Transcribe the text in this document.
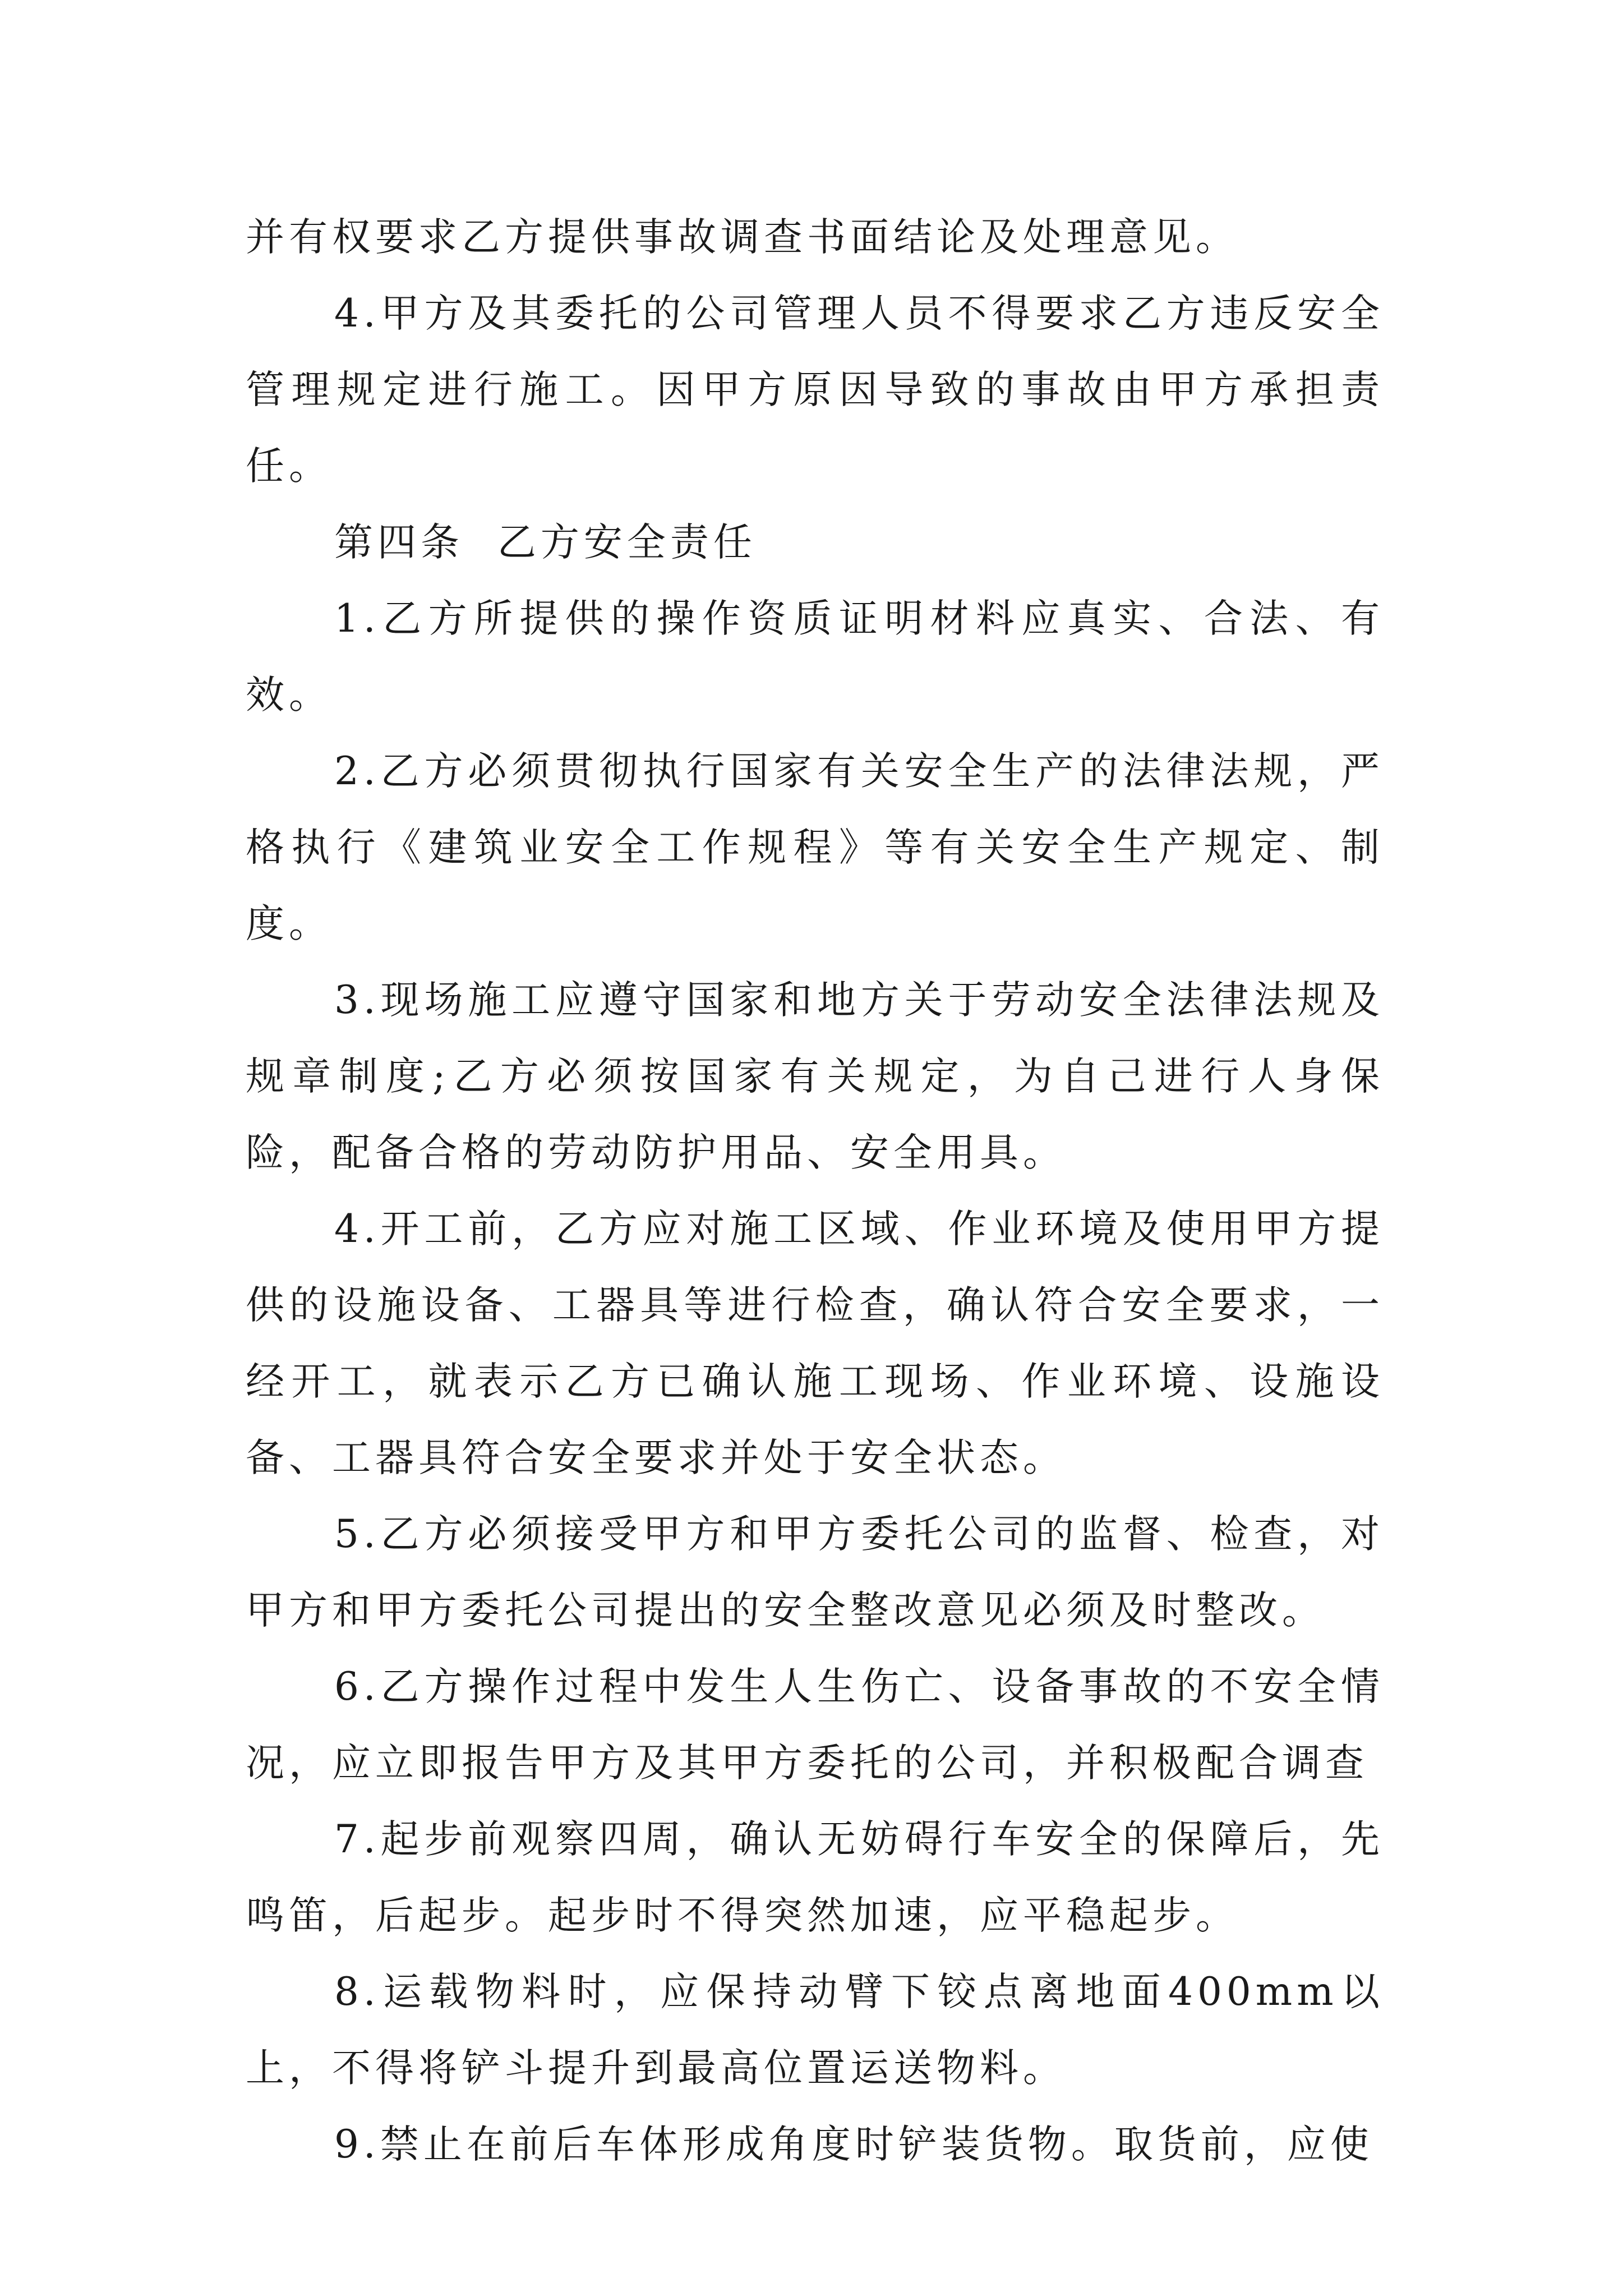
并有权要求乙方提供事故调查书面结论及处理意见。

4.甲方及其委托的公司管理人员不得要求乙方违反安全管理规定进行施工。因甲方原因导致的事故由甲方承担责任。

第四条  乙方安全责任

1.乙方所提供的操作资质证明材料应真实、合法、有效。

2.乙方必须贯彻执行国家有关安全生产的法律法规，严格执行《建筑业安全工作规程》等有关安全生产规定、制度。

3.现场施工应遵守国家和地方关于劳动安全法律法规及规章制度;乙方必须按国家有关规定，为自己进行人身保险，配备合格的劳动防护用品、安全用具。

4.开工前，乙方应对施工区域、作业环境及使用甲方提供的设施设备、工器具等进行检查，确认符合安全要求，一经开工，就表示乙方已确认施工现场、作业环境、设施设备、工器具符合安全要求并处于安全状态。

5.乙方必须接受甲方和甲方委托公司的监督、检查，对甲方和甲方委托公司提出的安全整改意见必须及时整改。

6.乙方操作过程中发生人生伤亡、设备事故的不安全情况，应立即报告甲方及其甲方委托的公司，并积极配合调查

7.起步前观察四周，确认无妨碍行车安全的保障后，先鸣笛，后起步。起步时不得突然加速，应平稳起步。

8.运载物料时，应保持动臂下铰点离地面400mm以上，不得将铲斗提升到最高位置运送物料。

9.禁止在前后车体形成角度时铲装货物。取货前，应使
